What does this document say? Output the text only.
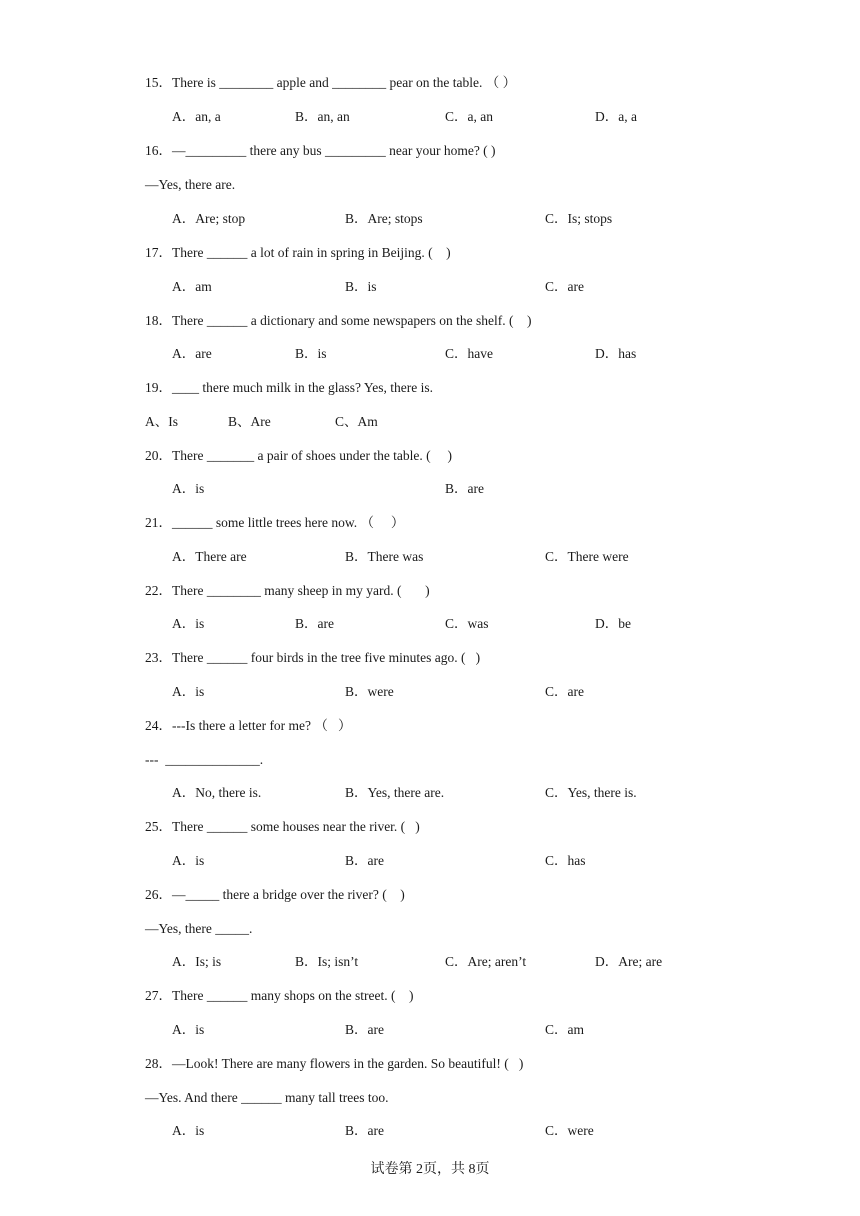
15．There is ________ apple and ________ pear on the table. （ ）
A．an, a	B．an, an	C．a, an	D．a, a
16．—_________ there any bus _________ near your home? ( )
—Yes, there are.
A．Are; stop	B．Are; stops	C．Is; stops
17．There ______ a lot of rain in spring in Beijing. (    )
A．am	B．is	C．are
18．There ______ a dictionary and some newspapers on the shelf. (    )
A．are	B．is	C．have	D．has
19．____ there much milk in the glass? Yes, there is.
A、Is	B、Are	C、Am
20．There _______ a pair of shoes under the table. (     )
A．is	B．are
21．______ some little trees here now. （     ）
A．There are	B．There was	C．There were
22．There ________ many sheep in my yard. (       )
A．is	B．are	C．was	D．be
23．There ______ four birds in the tree five minutes ago. (   )
A．is	B．were	C．are
24．---Is there a letter for me? （   ）
---  ______________.
A．No, there is.	B．Yes, there are.	C．Yes, there is.
25．There ______ some houses near the river. (   )
A．is	B．are	C．has
26．—_____ there a bridge over the river? (    )
—Yes, there _____.
A．Is; is	B．Is; isn’t	C．Are; aren’t	D．Are; are
27．There ______ many shops on the street. (    )
A．is	B．are	C．am
28．—Look! There are many flowers in the garden. So beautiful! (   )
—Yes. And there ______ many tall trees too.
A．is	B．are	C．were
试卷第 2页，共 8页
